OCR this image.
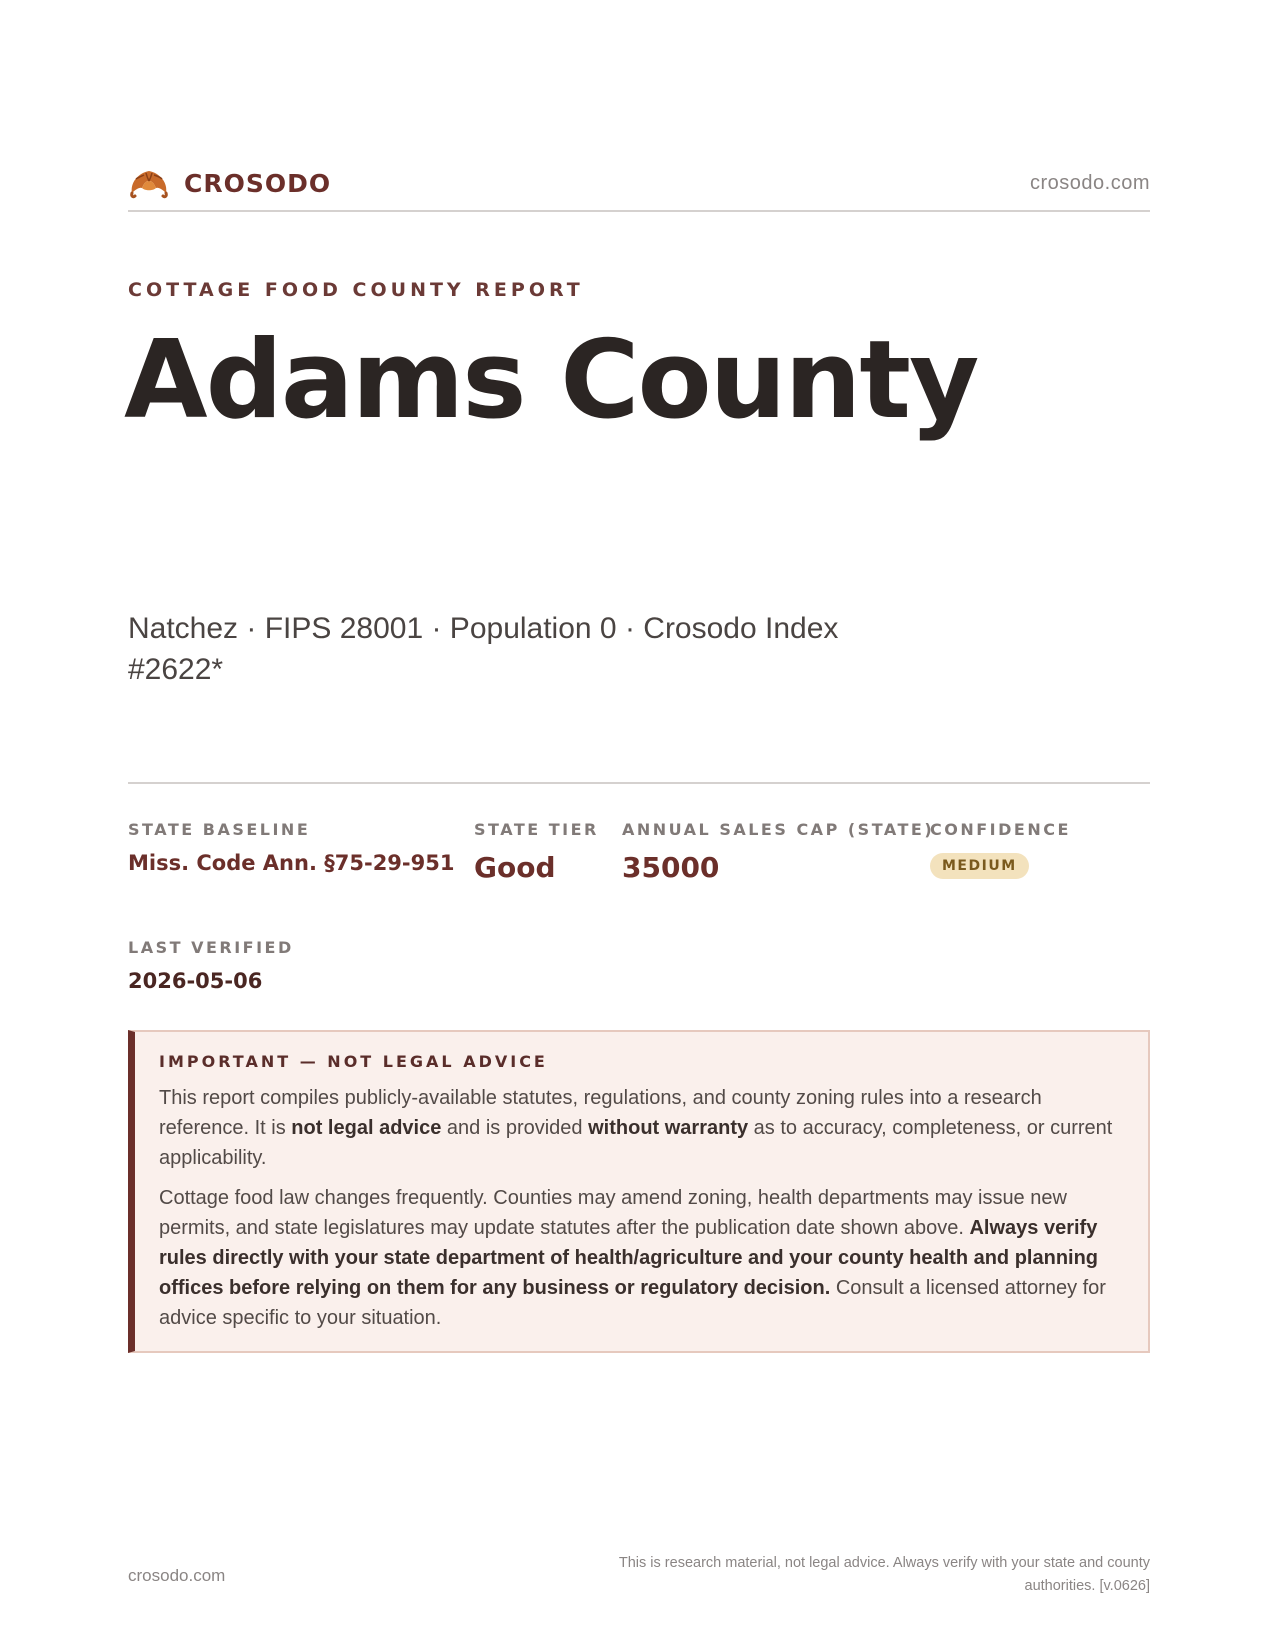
CROSODO	crosodo.com
COTTAGE FOOD COUNTY REPORT
Adams County
Natchez · FIPS 28001 · Population 0 · Crosodo Index #2622*
STATE BASELINE
Miss. Code Ann. §75-29-951
STATE TIER
Good
ANNUAL SALES CAP (STATE)
35000
CONFIDENCE
MEDIUM
LAST VERIFIED
2026-05-06
IMPORTANT — NOT LEGAL ADVICE

This report compiles publicly-available statutes, regulations, and county zoning rules into a research reference. It is not legal advice and is provided without warranty as to accuracy, completeness, or current applicability.

Cottage food law changes frequently. Counties may amend zoning, health departments may issue new permits, and state legislatures may update statutes after the publication date shown above. Always verify rules directly with your state department of health/agriculture and your county health and planning offices before relying on them for any business or regulatory decision. Consult a licensed attorney for advice specific to your situation.

crosodo.com
This is research material, not legal advice. Always verify with your state and county authorities. [v.0626]
